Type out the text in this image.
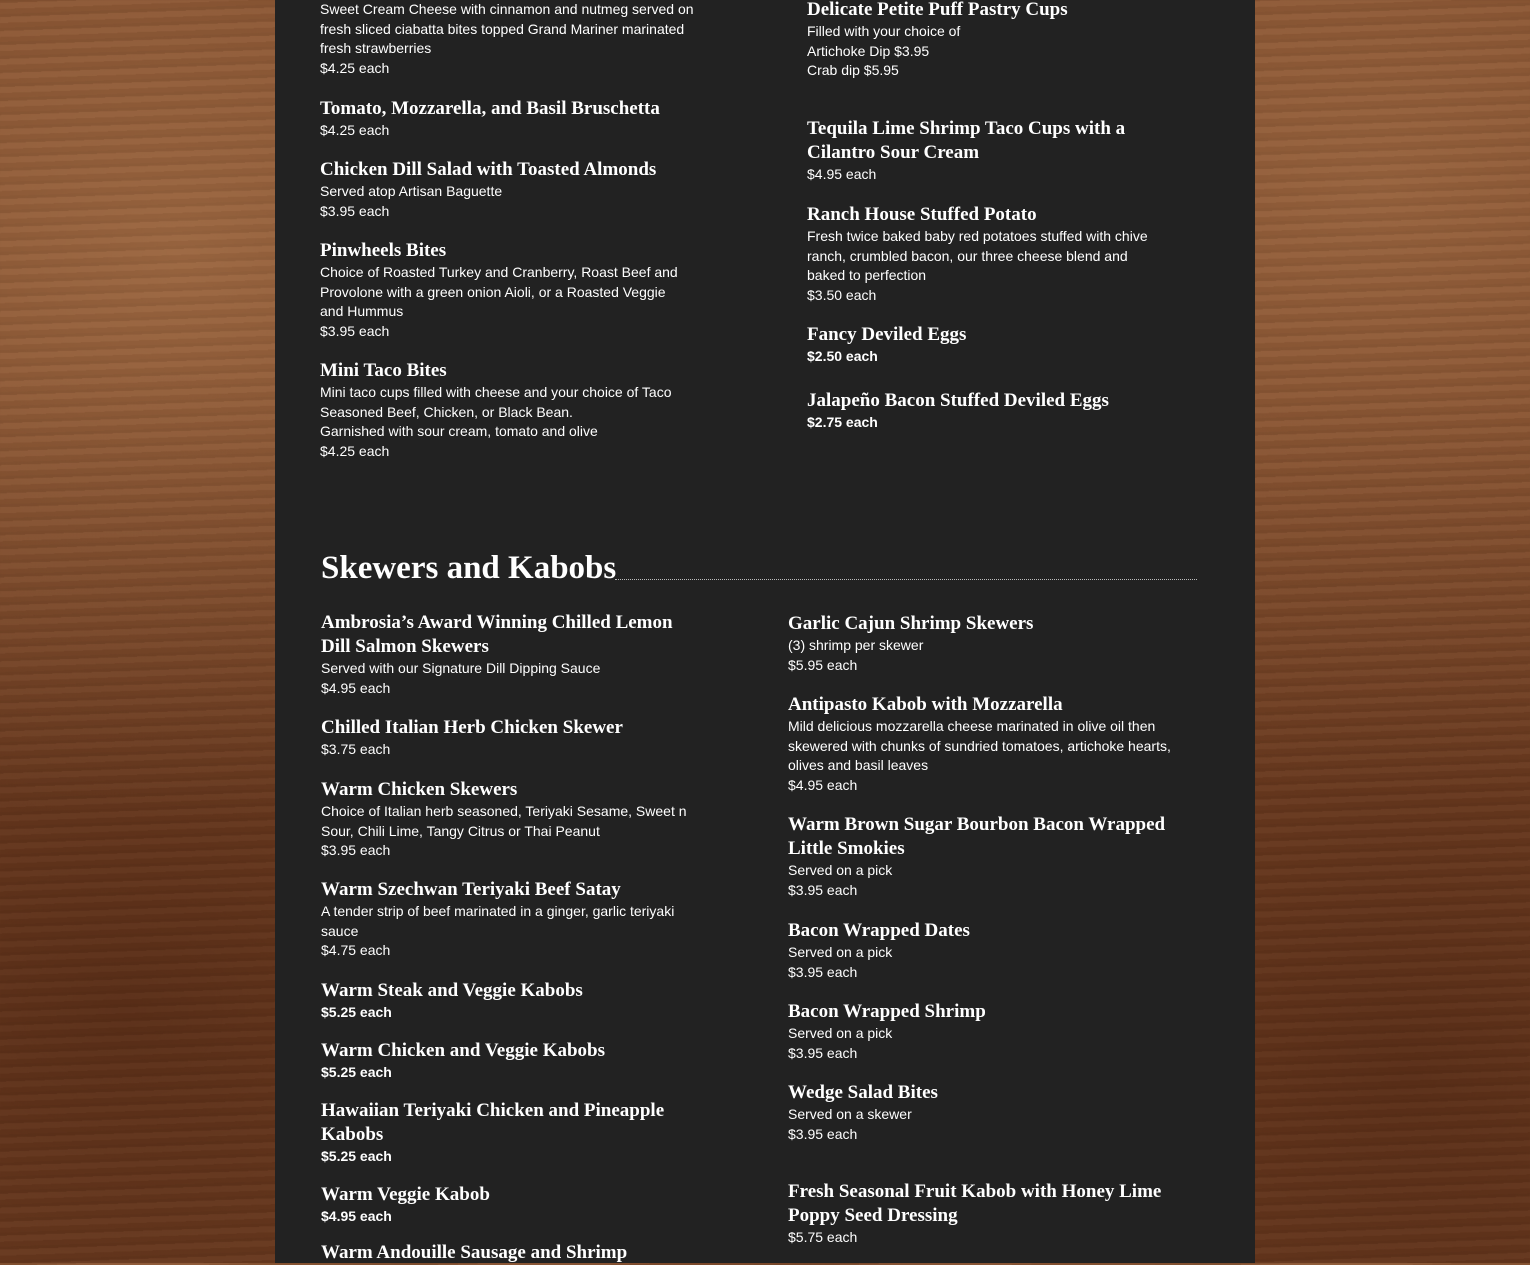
Sweet Cream Cheese with cinnamon and nutmeg served on
fresh sliced ciabatta bites topped Grand Mariner marinated
fresh strawberries
$4.25 each
Tomato, Mozzarella, and Basil Bruschetta
$4.25 each
Chicken Dill Salad with Toasted Almonds
Served atop Artisan Baguette
$3.95 each
Pinwheels Bites
Choice of Roasted Turkey and Cranberry, Roast Beef and
Provolone with a green onion Aioli, or a Roasted Veggie
and Hummus
$3.95 each
Mini Taco Bites
Mini taco cups filled with cheese and your choice of Taco
Seasoned Beef, Chicken, or Black Bean.
Garnished with sour cream, tomato and olive
$4.25 each
Delicate Petite Puff Pastry Cups
Filled with your choice of
Artichoke Dip $3.95
Crab dip $5.95
Tequila Lime Shrimp Taco Cups with a
Cilantro Sour Cream
$4.95 each
Ranch House Stuffed Potato
Fresh twice baked baby red potatoes stuffed with chive
ranch, crumbled bacon, our three cheese blend and
baked to perfection
$3.50 each
Fancy Deviled Eggs
$2.50 each
Jalapeño Bacon Stuffed Deviled Eggs
$2.75 each
Skewers and Kabobs
Ambrosia’s Award Winning Chilled Lemon
Dill Salmon Skewers
Served with our Signature Dill Dipping Sauce
$4.95 each
Chilled Italian Herb Chicken Skewer
$3.75 each
Warm Chicken Skewers
Choice of Italian herb seasoned, Teriyaki Sesame, Sweet n
Sour, Chili Lime, Tangy Citrus or Thai Peanut
$3.95 each
Warm Szechwan Teriyaki Beef Satay
A tender strip of beef marinated in a ginger, garlic teriyaki
sauce
$4.75 each
Warm Steak and Veggie Kabobs
$5.25 each
Warm Chicken and Veggie Kabobs
$5.25 each
Hawaiian Teriyaki Chicken and Pineapple
Kabobs
$5.25 each
Warm Veggie Kabob
$4.95 each
Warm Andouille Sausage and Shrimp
Garlic Cajun Shrimp Skewers
(3) shrimp per skewer
$5.95 each
Antipasto Kabob with Mozzarella
Mild delicious mozzarella cheese marinated in olive oil then
skewered with chunks of sundried tomatoes, artichoke hearts,
olives and basil leaves
$4.95 each
Warm Brown Sugar Bourbon Bacon Wrapped
Little Smokies
Served on a pick
$3.95 each
Bacon Wrapped Dates
Served on a pick
$3.95 each
Bacon Wrapped Shrimp
Served on a pick
$3.95 each
Wedge Salad Bites
Served on a skewer
$3.95 each
Fresh Seasonal Fruit Kabob with Honey Lime
Poppy Seed Dressing
$5.75 each
